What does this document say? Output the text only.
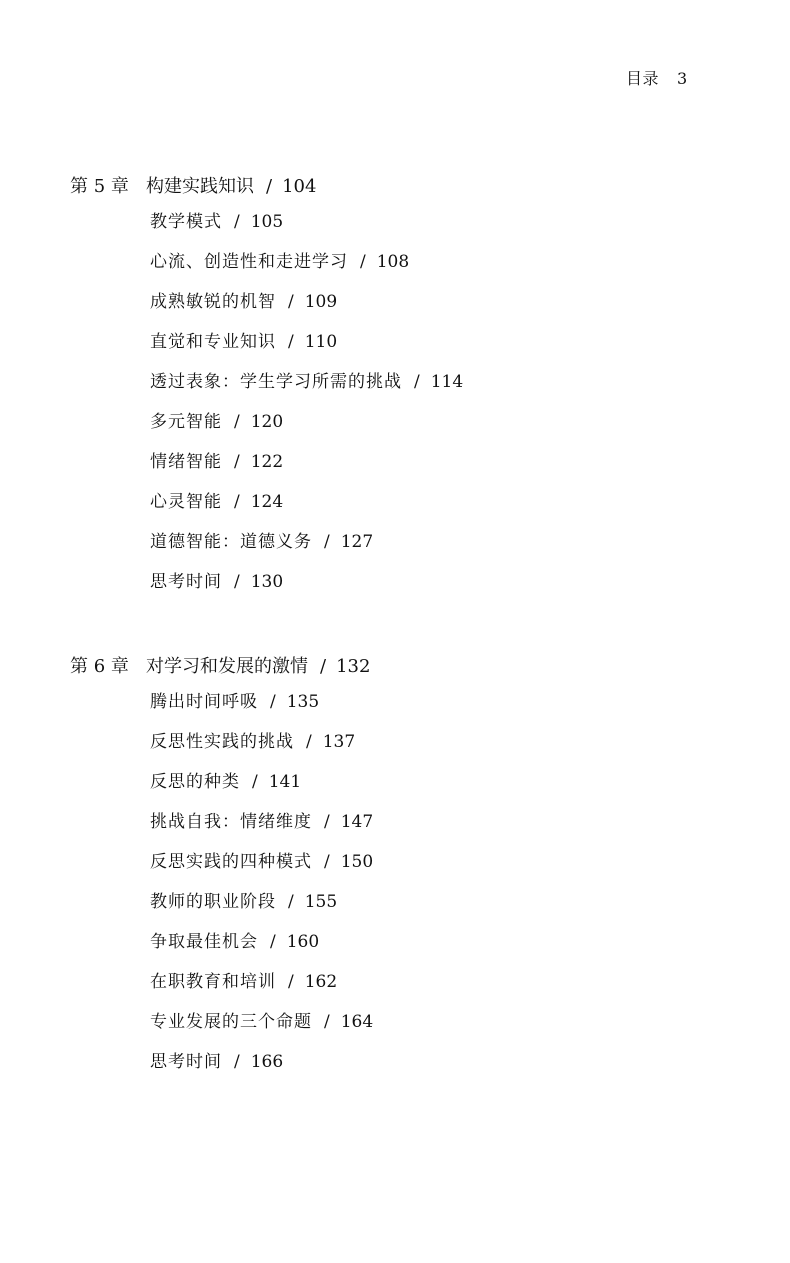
目录 3
第 5 章 构建实践知识 / 104
教学模式 / 105
心流、创造性和走进学习 / 108
成熟敏锐的机智 / 109
直觉和专业知识 / 110
透过表象：学生学习所需的挑战 / 114
多元智能 / 120
情绪智能 / 122
心灵智能 / 124
道德智能：道德义务 / 127
思考时间 / 130
第 6 章 对学习和发展的激情 / 132
腾出时间呼吸 / 135
反思性实践的挑战 / 137
反思的种类 / 141
挑战自我：情绪维度 / 147
反思实践的四种模式 / 150
教师的职业阶段 / 155
争取最佳机会 / 160
在职教育和培训 / 162
专业发展的三个命题 / 164
思考时间 / 166
